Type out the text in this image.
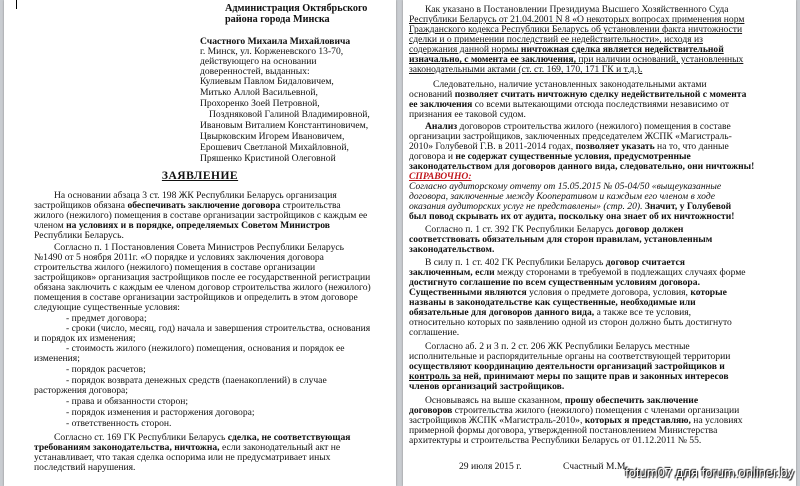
Администрация Октябрьского района города Минска
Счастного Михаила Михайловича
г. Минск, ул. Корженевского 13-70,
действующего на основании доверенностей, выданных:
Кулиевым Павлом Бидаловичем,
Митько Аллой Васильевной,
Прохоренко Зоей Петровной,
Поздняковой Галиной Владимировной,
Ивановым Виталием Константиновичем,
Цвырковским Игорем Ивановичем,
Ерошевич Светланой Михайловной,
Пряшенко Кристиной Олеговной
ЗАЯВЛЕНИЕ
На основании абзаца 3 ст. 198 ЖК Республики Беларусь организация
застройщиков обязана обеспечивать заключение договора строительства
жилого (нежилого) помещения в составе организации застройщиков с каждым ее
членом на условиях и в порядке, определяемых Советом Министров
Республики Беларусь.
Согласно п. 1 Постановления Совета Министров Республики Беларусь
№1490 от 5 ноября 2011г. «О порядке и условиях заключения договора
строительства жилого (нежилого) помещения в составе организации
застройщиков» организация застройщиков после ее государственной регистрации
обязана заключить с каждым ее членом договор строительства жилого (нежилого)
помещения в составе организации застройщиков и определить в этом договоре
следующие существенные условия:
- предмет договора;
- сроки (число, месяц, год) начала и завершения строительства, основания
и порядок их изменения;
- стоимость жилого (нежилого) помещения, основания и порядок ее
изменения;
- порядок расчетов;
- порядок возврата денежных средств (паенакоплений) в случае
расторжения договора;
- права и обязанности сторон;
- порядок изменения и расторжения договора;
- ответственность сторон.
Согласно ст. 169 ГК Республики Беларусь сделка, не соответствующая
требованиям законодательства, ничтожна, если законодательный акт не
устанавливает, что такая сделка оспорима или не предусматривает иных
последствий нарушения.
Как указано в Постановлении Президиума Высшего Хозяйственного Суда
Республики Беларусь от 21.04.2001 N 8 «О некоторых вопросах применения норм
Гражданского кодекса Республики Беларусь об установлении факта ничтожности
сделки и о применении последствий ее недействительности», исходя из
содержания данной нормы ничтожная сделка является недействительной
изначально, с момента ее заключения, при наличии оснований, установленных
законодательными актами (ст. ст. 169, 170, 171 ГК и т.д.).
Следовательно, наличие установленных законодательными актами
оснований позволяет считать ничтожную сделку недействительной с момента
ее заключения со всеми вытекающими отсюда последствиями независимо от
признания ее таковой судом.
Анализ договоров строительства жилого (нежилого) помещения в составе
организации застройщиков, заключенных председателем ЖСПК «Магистраль-
2010» Голубевой Г.В. в 2011-2014 годах, позволяет указать на то, что данные
договора и не содержат существенные условия, предусмотренные
законодательством для договоров данного вида, следовательно, они ничтожны!
СПРАВОЧНО:
Согласно аудиторскому отчету от 15.05.2015 № 05-04/50 «выщеуказанные
договора, заключенные между Кооперативом и каждым его членом в ходе
оказания аудиторских услуг не представлены» (стр. 20). Значит, у Голубевой
был повод скрывать их от аудита, поскольку она знает об их ничтожности!
Согласно п. 1 ст. 392 ГК Республики Беларусь договор должен
соответствовать обязательным для сторон правилам, установленным
законодательством.
В силу п. 1 ст. 402 ГК Республики Беларусь договор считается
заключенным, если между сторонами в требуемой в подлежащих случаях форме
достигнуто соглашение по всем существенным условиям договора.
Существенными являются условия о предмете договора, условия, которые
названы в законодательстве как существенные, необходимые или
обязательные для договоров данного вида, а также все те условия,
относительно которых по заявлению одной из сторон должно быть достигнуто
соглашение.
Согласно аб. 2 и 3 п. 2 ст. 206 ЖК Республики Беларусь местные
исполнительные и распорядительные органы на соответствующей территории
осуществляют координацию деятельности организаций застройщиков и
контроль за ней, принимают меры по защите прав и законных интересов
членов организаций застройщиков.
Основываясь на выше сказанном, прошу обеспечить заключение
договоров строительства жилого (нежилого) помещения с членами организации
застройщиков ЖСПК «Магистраль-2010», которых я представляю, на условиях
примерной формы договора, утвержденной постановлением Министерства
архитектуры и строительства Республики Беларусь от 01.12.2011 № 55.
29 июля 2015 г.	Счастный М.М.
fotum07 для forum.onliner.by
